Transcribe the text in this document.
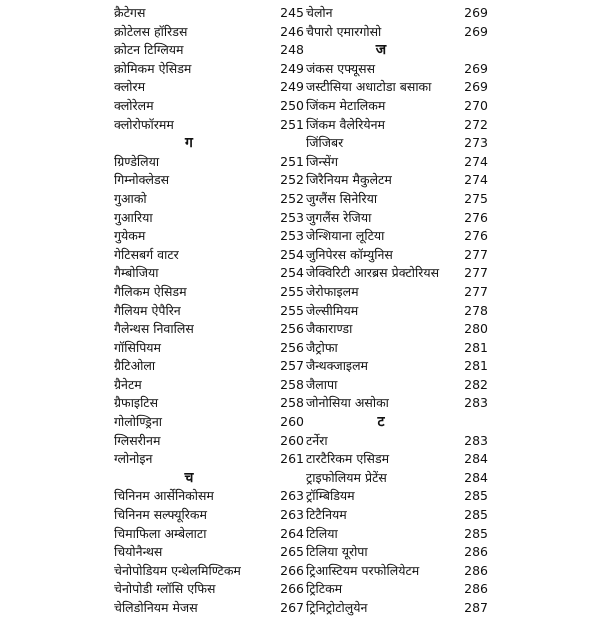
क्रैटेगस	245
क्रोटेलस हॉरिडस	246
क्रोटन टिग्लियम	248
क्रोमिकम ऐसिडम	249
क्लोरम	249
क्लोरेलम	250
क्लोरोफॉरमम	251
ग
ग्रिण्डेलिया	251
गिम्नोक्लेडस	252
गुआको	252
गुआरिया	253
गुयेकम	253
गेटिसबर्ग वाटर	254
गैम्बोजिया	254
गैलिकम ऐसिडम	255
गैलियम ऐपैरिन	255
गैलेन्थस निवालिस	256
गॉसिपियम	256
ग्रैटिओला	257
ग्रैनेटम	258
ग्रैफाइटिस	258
गोलोण्ड्रिना	260
ग्लिसरीनम	260
ग्लोनोइन	261
च
चिनिनम आर्सेनिकोसम	263
चिनिनम सल्फ्यूरिकम	263
चिमाफिला अम्बेलाटा	264
चियोनैन्थस	265
चेनोपोडियम एन्थेलमिण्टिकम	266
चेनोपोडी ग्लॉसि एफिस	266
चेलिडोनियम मेजस	267
चेलोन	269
चैपारो एमारगोसो	269
ज
जंकस एफ्यूसस	269
जस्टीसिया अधाटोडा बसाका	269
जिंकम मेटालिकम	270
जिंकम वैलेरियेनम	272
जिंजिबर	273
जिन्सेंग	274
जिरैनियम मैकुलेटम	274
जुग्लैंस सिनेरिया	275
जुगलैंस रेजिया	276
जेन्शियाना लूटिया	276
जुनिपेरस कॉम्युनिस	277
जेक्विरिटी आरब्रस प्रेक्टोरियस	277
जेरोफाइलम	277
जेल्सीमियम	278
जैकाराण्डा	280
जैट्रोफा	281
जैन्थक्जाइलम	281
जैलापा	282
जोनोसिया असोका	283
ट
टर्नेरा	283
टारटैरिकम एसिडम	284
ट्राइफोलियम प्रेटेंस	284
ट्रॉम्बिडियम	285
टिटैनियम	285
टिलिया	285
टिलिया यूरोपा	286
ट्रिआस्टियम परफोलियेटम	286
ट्रिटिकम	286
ट्रिनिट्रोटोलुयेन	287
